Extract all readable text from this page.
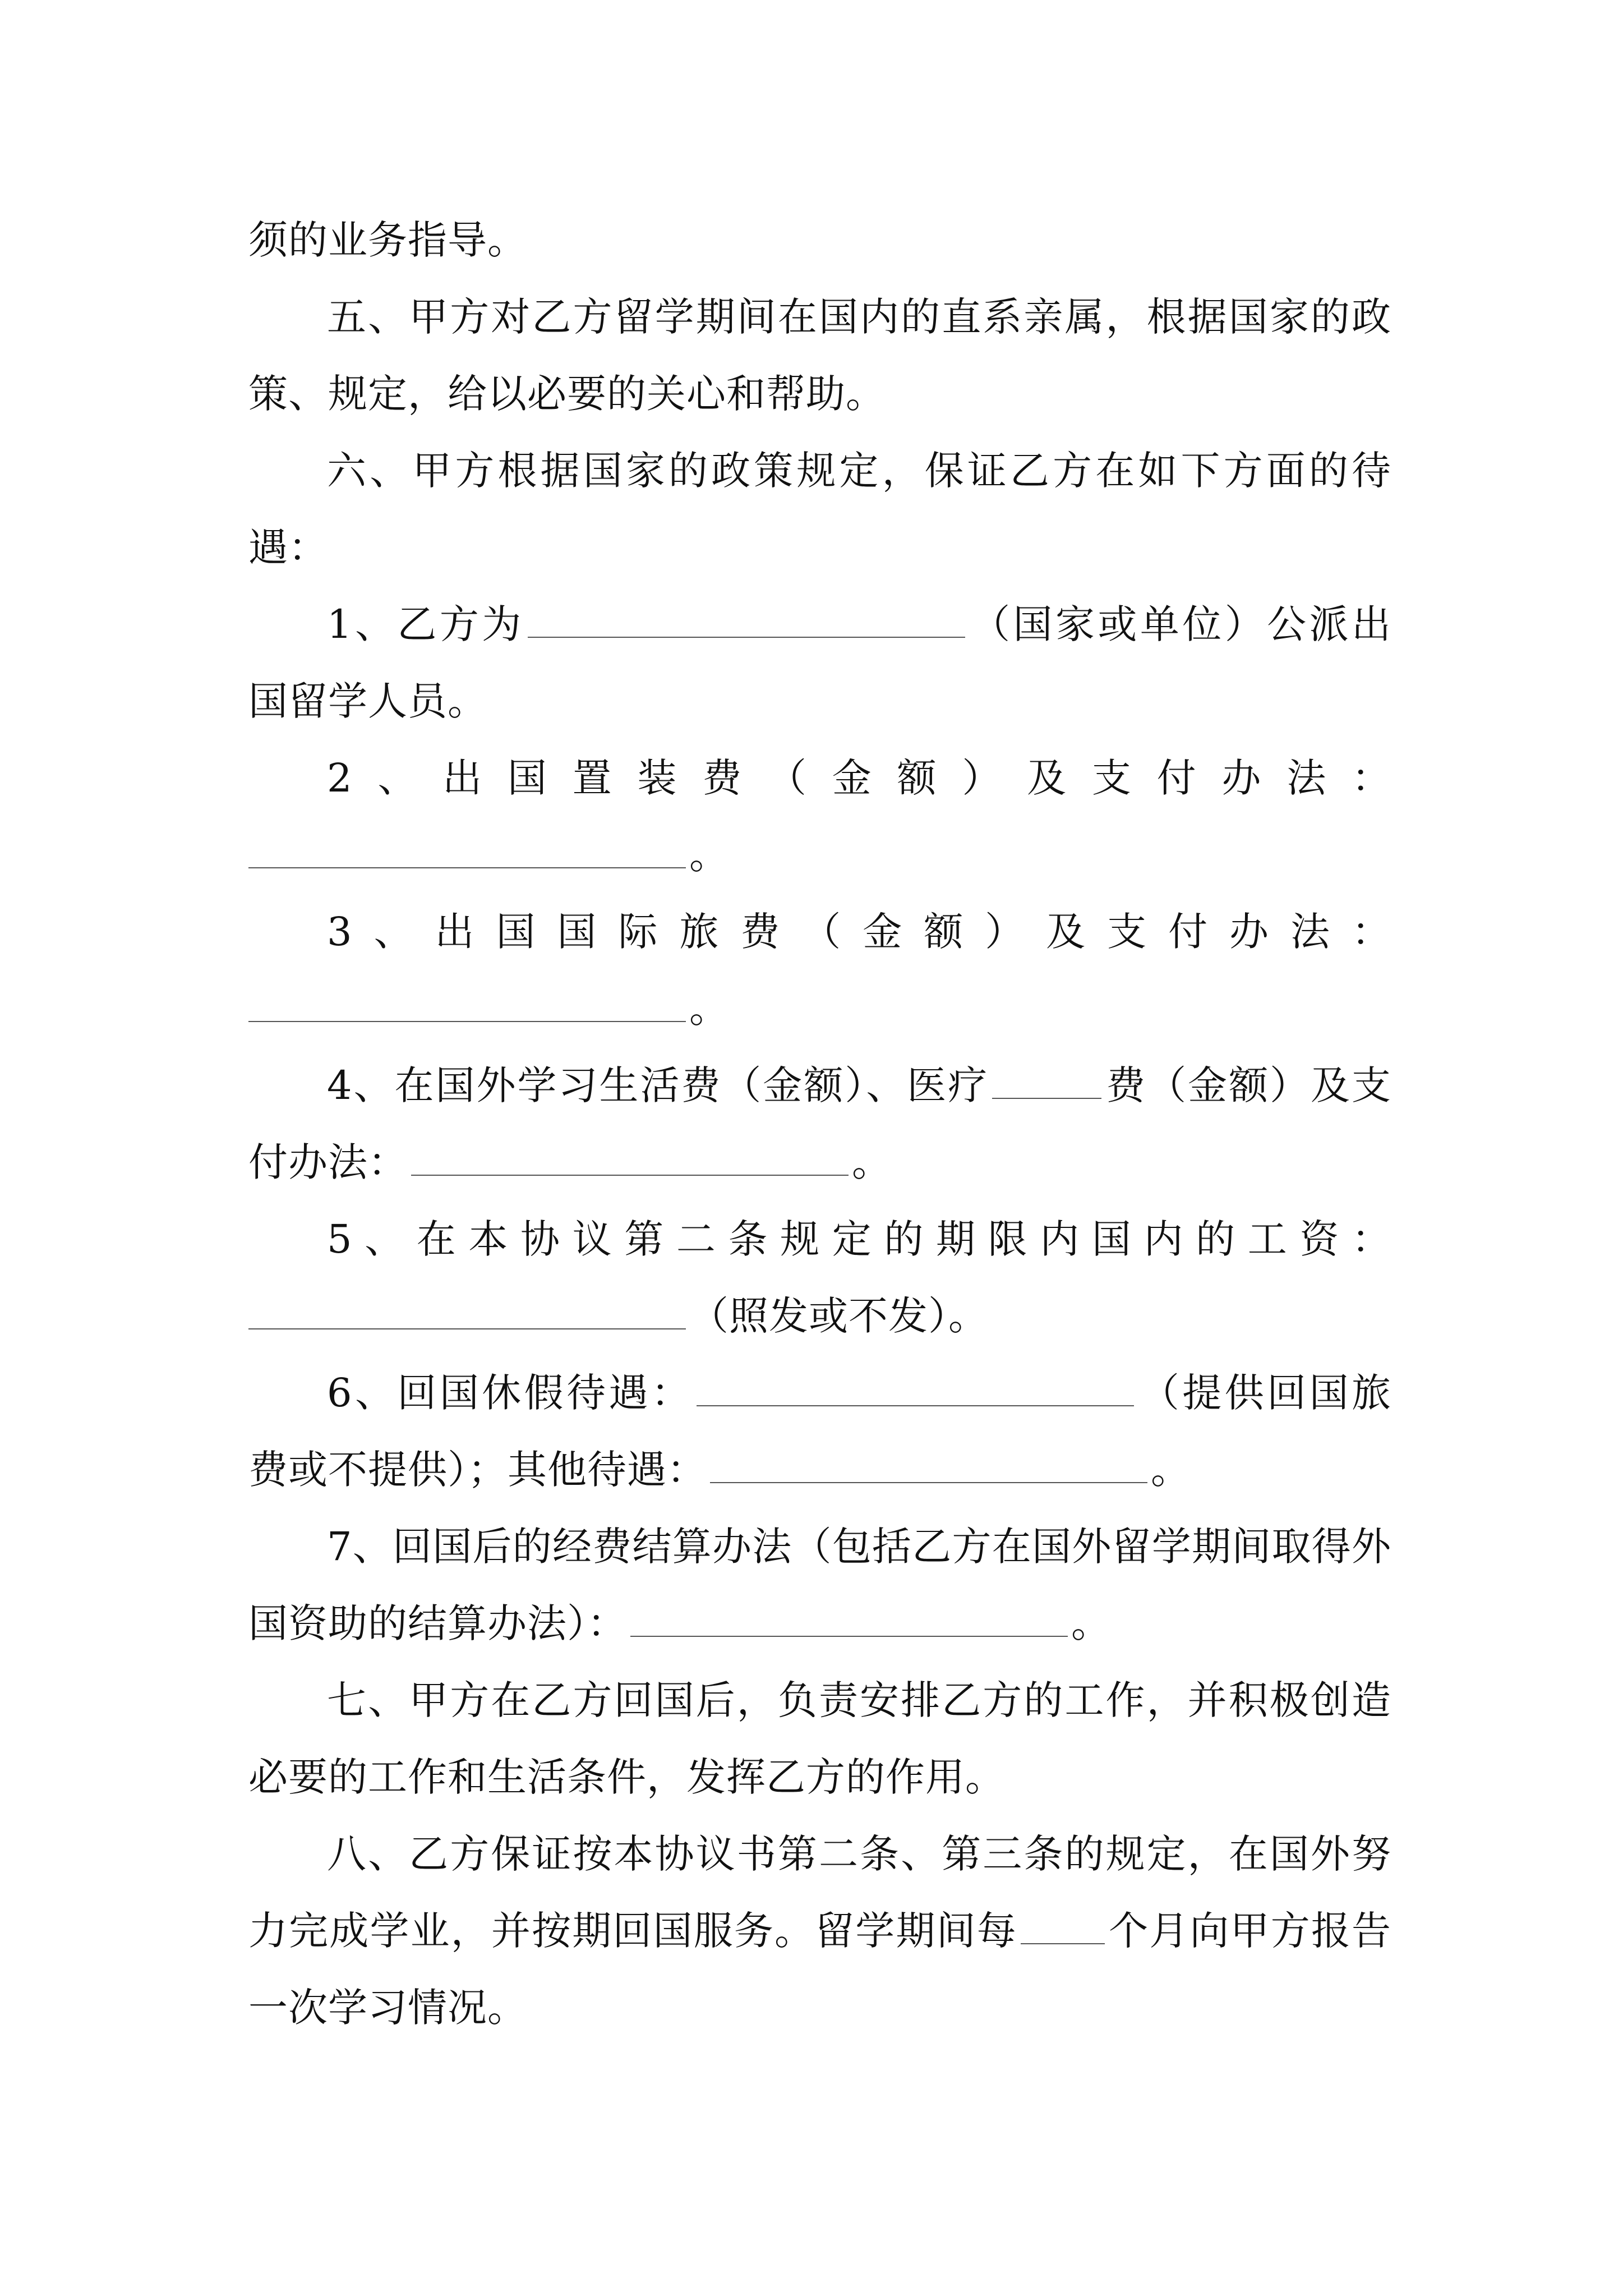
须的业务指导。

五、甲方对乙方留学期间在国内的直系亲属，根据国家的政策、规定，给以必要的关心和帮助。

六、甲方根据国家的政策规定，保证乙方在如下方面的待遇：

1、乙方为	（国家或单位）公派出国留学人员。

2、出国置装费（金额）及支付办法：

。

3、出国国际旅费（金额）及支付办法：

。

4、在国外学习生活费（金额）、医疗	费（金额）及支付办法：	。

5、在本协议第二条规定的期限内国内的工资：

（照发或不发）。

6、回国休假待遇：	（提供回国旅费或不提供）；其他待遇：	。

7、回国后的经费结算办法（包括乙方在国外留学期间取得外国资助的结算办法）：	。

七、甲方在乙方回国后，负责安排乙方的工作，并积极创造必要的工作和生活条件，发挥乙方的作用。

八、乙方保证按本协议书第二条、第三条的规定，在国外努力完成学业，并按期回国服务。留学期间每 个月向甲方报告一次学习情况。
